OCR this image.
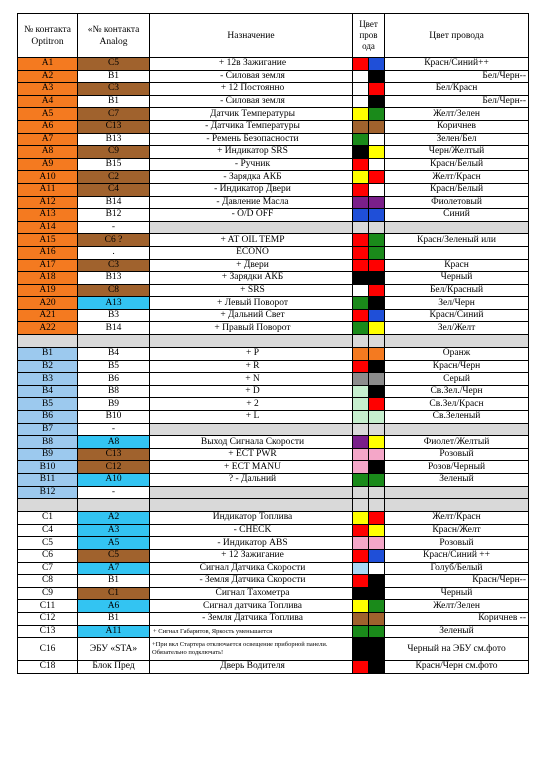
№ контакта Optitron	«№ контакта Analog	Назначение	Цвет пров ода		Цвет провода
A1	C5	+ 12в Зажигание			Красн/Синий++
A2	B1	- Силовая земля			Бел/Черн--
A3	C3	+ 12 Постоянно			Бел/Красн
A4	B1	- Силовая земля			Бел/Черн--
A5	C7	Датчик Температуры			Желт/Зелен
A6	C13	- Датчика Температуры			Коричнев
A7	B13	- Ремень Безопасности			Зелен/Бел
A8	C9	+ Индикатор SRS			Черн/Желтый
A9	B15	- Ручник			Красн/Белый
A10	C2	- Зарядка АКБ			Желт/Красн
A11	C4	- Индикатор Двери			Красн/Белый
A12	B14	- Давление Масла			Фиолетовый
A13	B12	- O/D OFF			Синий
A14	-				
A15	C6 ?	+ AT OIL TEMP			Красн/Зеленый или
A16	.	ECONO			
A17	C3	+ Двери			Красн
A18	B13	+ Зарядки АКБ			Черный
A19	C8	+ SRS			Бел/Красный
A20	A13	+ Левый Поворот			Зел/Черн
A21	B3	+ Дальний Свет			Красн/Синий
A22	B14	+ Правый Поворот			Зел/Желт

B1	B4	+ P			Оранж
B2	B5	+ R			Красн/Черн
B3	B6	+ N			Серый
B4	B8	+ D			Св.Зел./Черн
B5	B9	+ 2			Св.Зел/Красн
B6	B10	+ L			Св.Зеленый
B7	-				
B8	A8	Выход Сигнала Скорости			Фиолет/Желтый
B9	C13	+ ECT PWR			Розовый
B10	C12	+ ECT MANU			Розов/Черный
B11	A10	? - Дальний			Зеленый
B12	-				

C1	A2	Индикатор Топлива			Желт/Красн
C4	A3	- CHECK			Красн/Желт
C5	A5	- Индикатор ABS			Розовый
C6	C5	+ 12 Зажигание			Красн/Синий ++
C7	A7	Сигнал Датчика Скорости			Голуб/Белый
C8	B1	- Земля Датчика Скорости			Красн/Черн--
C9	C1	Сигнал Тахометра			Черный
C11	A6	Сигнал датчика Топлива			Желт/Зелен
C12	B1	- Земля Датчика Топлива			Коричнев --
C13	A11	+ Сигнал Габаритов, Яркость уменьшается			Зеленый
C16	ЭБУ «STA»	+При вкл Стартера отключается освещение приборной панели. Обязательно подключать!			Черный на ЭБУ см.фото
C18	Блок Пред	Дверь Водителя			Красн/Черн см.фото
